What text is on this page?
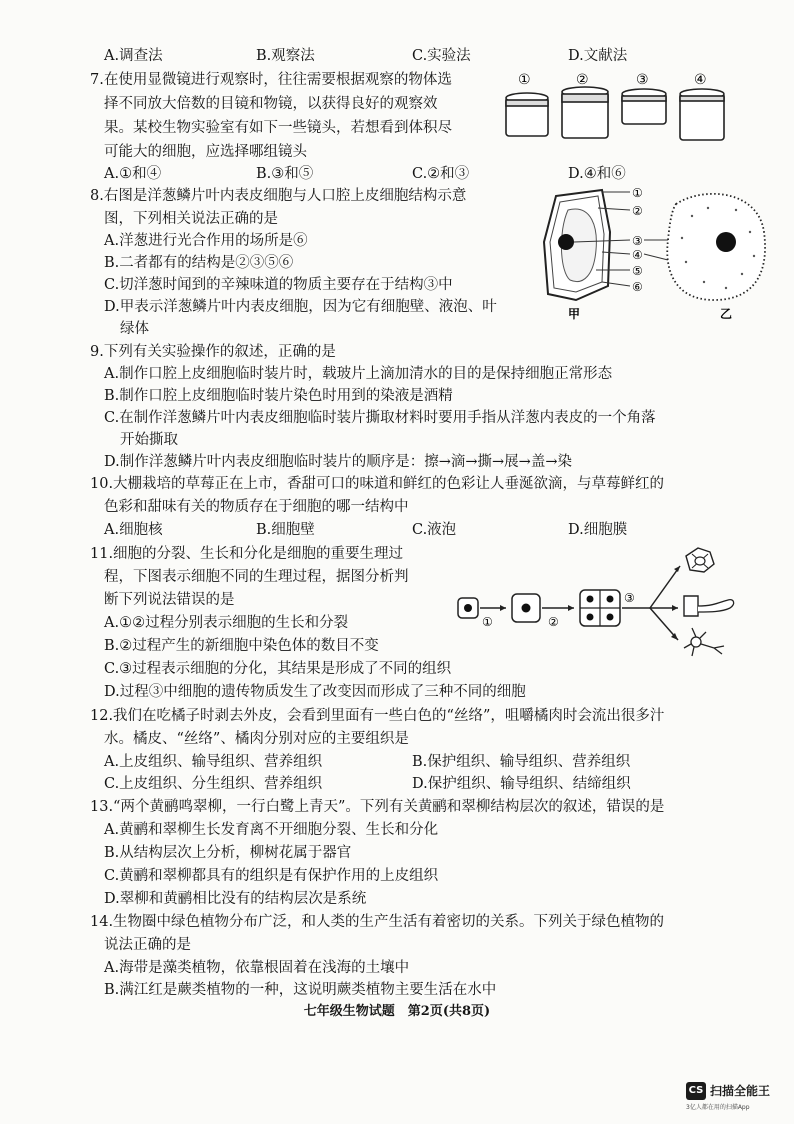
A.调查法	B.观察法	C.实验法	D.文献法
7.在使用显微镜进行观察时，往往需要根据观察的物体选
择不同放大倍数的目镜和物镜，以获得良好的观察效
果。某校生物实验室有如下一些镜头，若想看到体积尽
可能大的细胞，应选择哪组镜头
A.①和④	B.③和⑤	C.②和③	D.④和⑥
①	②	③	④
8.右图是洋葱鳞片叶内表皮细胞与人口腔上皮细胞结构示意
图，下列相关说法正确的是
A.洋葱进行光合作用的场所是⑥
B.二者都有的结构是②③⑤⑥
C.切洋葱时闻到的辛辣味道的物质主要存在于结构③中
D.甲表示洋葱鳞片叶内表皮细胞，因为它有细胞壁、液泡、叶
绿体
①
②
③
④
⑤
⑥
甲	乙
9.下列有关实验操作的叙述，正确的是
A.制作口腔上皮细胞临时装片时，载玻片上滴加清水的目的是保持细胞正常形态
B.制作口腔上皮细胞临时装片染色时用到的染液是酒精
C.在制作洋葱鳞片叶内表皮细胞临时装片撕取材料时要用手指从洋葱内表皮的一个角落
开始撕取
D.制作洋葱鳞片叶内表皮细胞临时装片的顺序是：擦→滴→撕→展→盖→染
10.大棚栽培的草莓正在上市，香甜可口的味道和鲜红的色彩让人垂涎欲滴，与草莓鲜红的
色彩和甜味有关的物质存在于细胞的哪一结构中
A.细胞核	B.细胞壁	C.液泡	D.细胞膜
11.细胞的分裂、生长和分化是细胞的重要生理过
程，下图表示细胞不同的生理过程，据图分析判
断下列说法错误的是
A.①②过程分别表示细胞的生长和分裂
B.②过程产生的新细胞中染色体的数目不变
C.③过程表示细胞的分化，其结果是形成了不同的组织
D.过程③中细胞的遗传物质发生了改变因而形成了三种不同的细胞
①	②
③
12.我们在吃橘子时剥去外皮，会看到里面有一些白色的“丝络”，咀嚼橘肉时会流出很多汁
水。橘皮、“丝络”、橘肉分别对应的主要组织是
A.上皮组织、输导组织、营养组织	B.保护组织、输导组织、营养组织
C.上皮组织、分生组织、营养组织	D.保护组织、输导组织、结缔组织
13.“两个黄鹂鸣翠柳，一行白鹭上青天”。下列有关黄鹂和翠柳结构层次的叙述，错误的是
A.黄鹂和翠柳生长发育离不开细胞分裂、生长和分化
B.从结构层次上分析，柳树花属于器官
C.黄鹂和翠柳都具有的组织是有保护作用的上皮组织
D.翠柳和黄鹂相比没有的结构层次是系统
14.生物圈中绿色植物分布广泛，和人类的生产生活有着密切的关系。下列关于绿色植物的
说法正确的是
A.海带是藻类植物，依靠根固着在浅海的土壤中
B.满江红是蕨类植物的一种，这说明蕨类植物主要生活在水中
七年级生物试题　第2页(共8页)
CS 扫描全能王
3亿人都在用的扫描App
